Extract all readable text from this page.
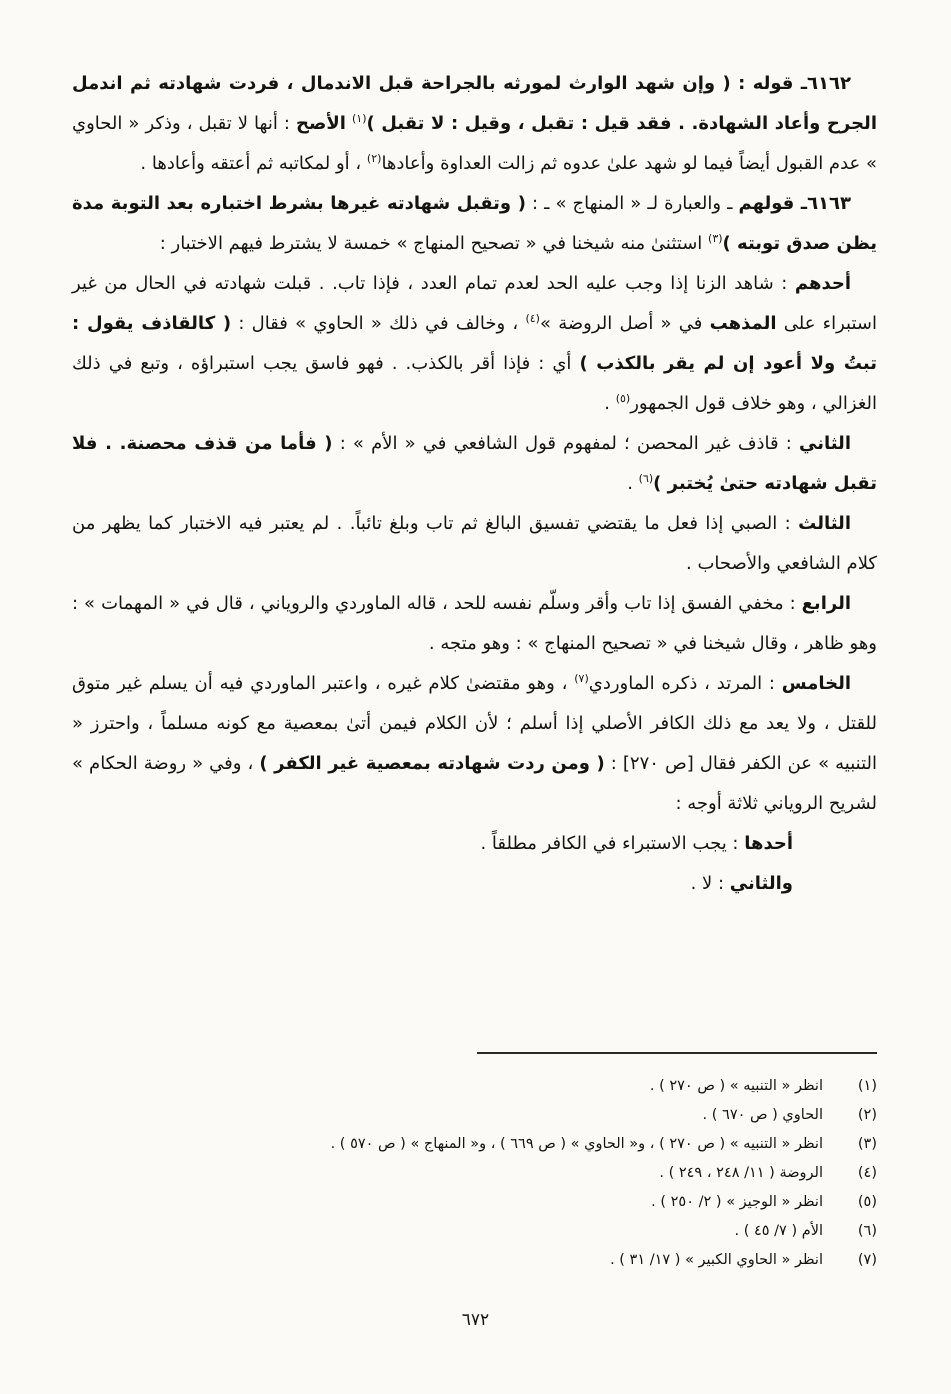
٦١٦٢ـ قوله : ( وإن شهد الوارث لمورثه بالجراحة قبل الاندمال ، فردت شهادته ثم اندمل الجرح وأعاد الشهادة. . فقد قيل : تقبل ، وقيل : لا تقبل )$^{(١)}$ الأصح : أنها لا تقبل ، وذكر « الحاوي » عدم القبول أيضاً فيما لو شهد علىٰ عدوه ثم زالت العداوة وأعادها$^{(٢)}$ ، أو لمكاتبه ثم أعتقه وأعادها .

٦١٦٣ـ قولهم ـ والعبارة لـ « المنهاج » ـ : ( وتقبل شهادته غيرها بشرط اختباره بعد التوبة مدة يظن صدق توبته )$^{(٣)}$ استثنىٰ منه شيخنا في « تصحيح المنهاج » خمسة لا يشترط فيهم الاختبار :

أحدهم : شاهد الزنا إذا وجب عليه الحد لعدم تمام العدد ، فإذا تاب. . قبلت شهادته في الحال من غير استبراء على المذهب في « أصل الروضة »$^{(٤)}$ ، وخالف في ذلك « الحاوي » فقال : ( كالقاذف يقول : تبتُ ولا أعود إن لم يقر بالكذب ) أي : فإذا أقر بالكذب. . فهو فاسق يجب استبراؤه ، وتبع في ذلك الغزالي ، وهو خلاف قول الجمهور$^{(٥)}$ .

الثاني : قاذف غير المحصن ؛ لمفهوم قول الشافعي في « الأم » : ( فأما من قذف محصنة. . فلا تقبل شهادته حتىٰ يُختبر )$^{(٦)}$ .

الثالث : الصبي إذا فعل ما يقتضي تفسيق البالغ ثم تاب وبلغ تائباً. . لم يعتبر فيه الاختبار كما يظهر من كلام الشافعي والأصحاب .

الرابع : مخفي الفسق إذا تاب وأقر وسلّم نفسه للحد ، قاله الماوردي والروياني ، قال في « المهمات » : وهو ظاهر ، وقال شيخنا في « تصحيح المنهاج » : وهو متجه .

الخامس : المرتد ، ذكره الماوردي$^{(٧)}$ ، وهو مقتضىٰ كلام غيره ، واعتبر الماوردي فيه أن يسلم غير متوق للقتل ، ولا يعد مع ذلك الكافر الأصلي إذا أسلم ؛ لأن الكلام فيمن أتىٰ بمعصية مع كونه مسلماً ، واحترز « التنبيه » عن الكفر فقال [ص ٢٧٠] : ( ومن ردت شهادته بمعصية غير الكفر ) ، وفي « روضة الحكام » لشريح الروياني ثلاثة أوجه :

أحدها : يجب الاستبراء في الكافر مطلقاً .

والثاني : لا .

(١)
انظر « التنبيه » ( ص ٢٧٠ ) .
(٢)
الحاوي ( ص ٦٧٠ ) .
(٣)
انظر « التنبيه » ( ص ٢٧٠ ) ، و« الحاوي » ( ص ٦٦٩ ) ، و« المنهاج » ( ص ٥٧٠ ) .
(٤)
الروضة ( ١١/ ٢٤٨ ، ٢٤٩ ) .
(٥)
انظر « الوجيز » ( ٢/ ٢٥٠ ) .
(٦)
الأم ( ٧/ ٤٥ ) .
(٧)
انظر « الحاوي الكبير » ( ١٧/ ٣١ ) .
٦٧٢
